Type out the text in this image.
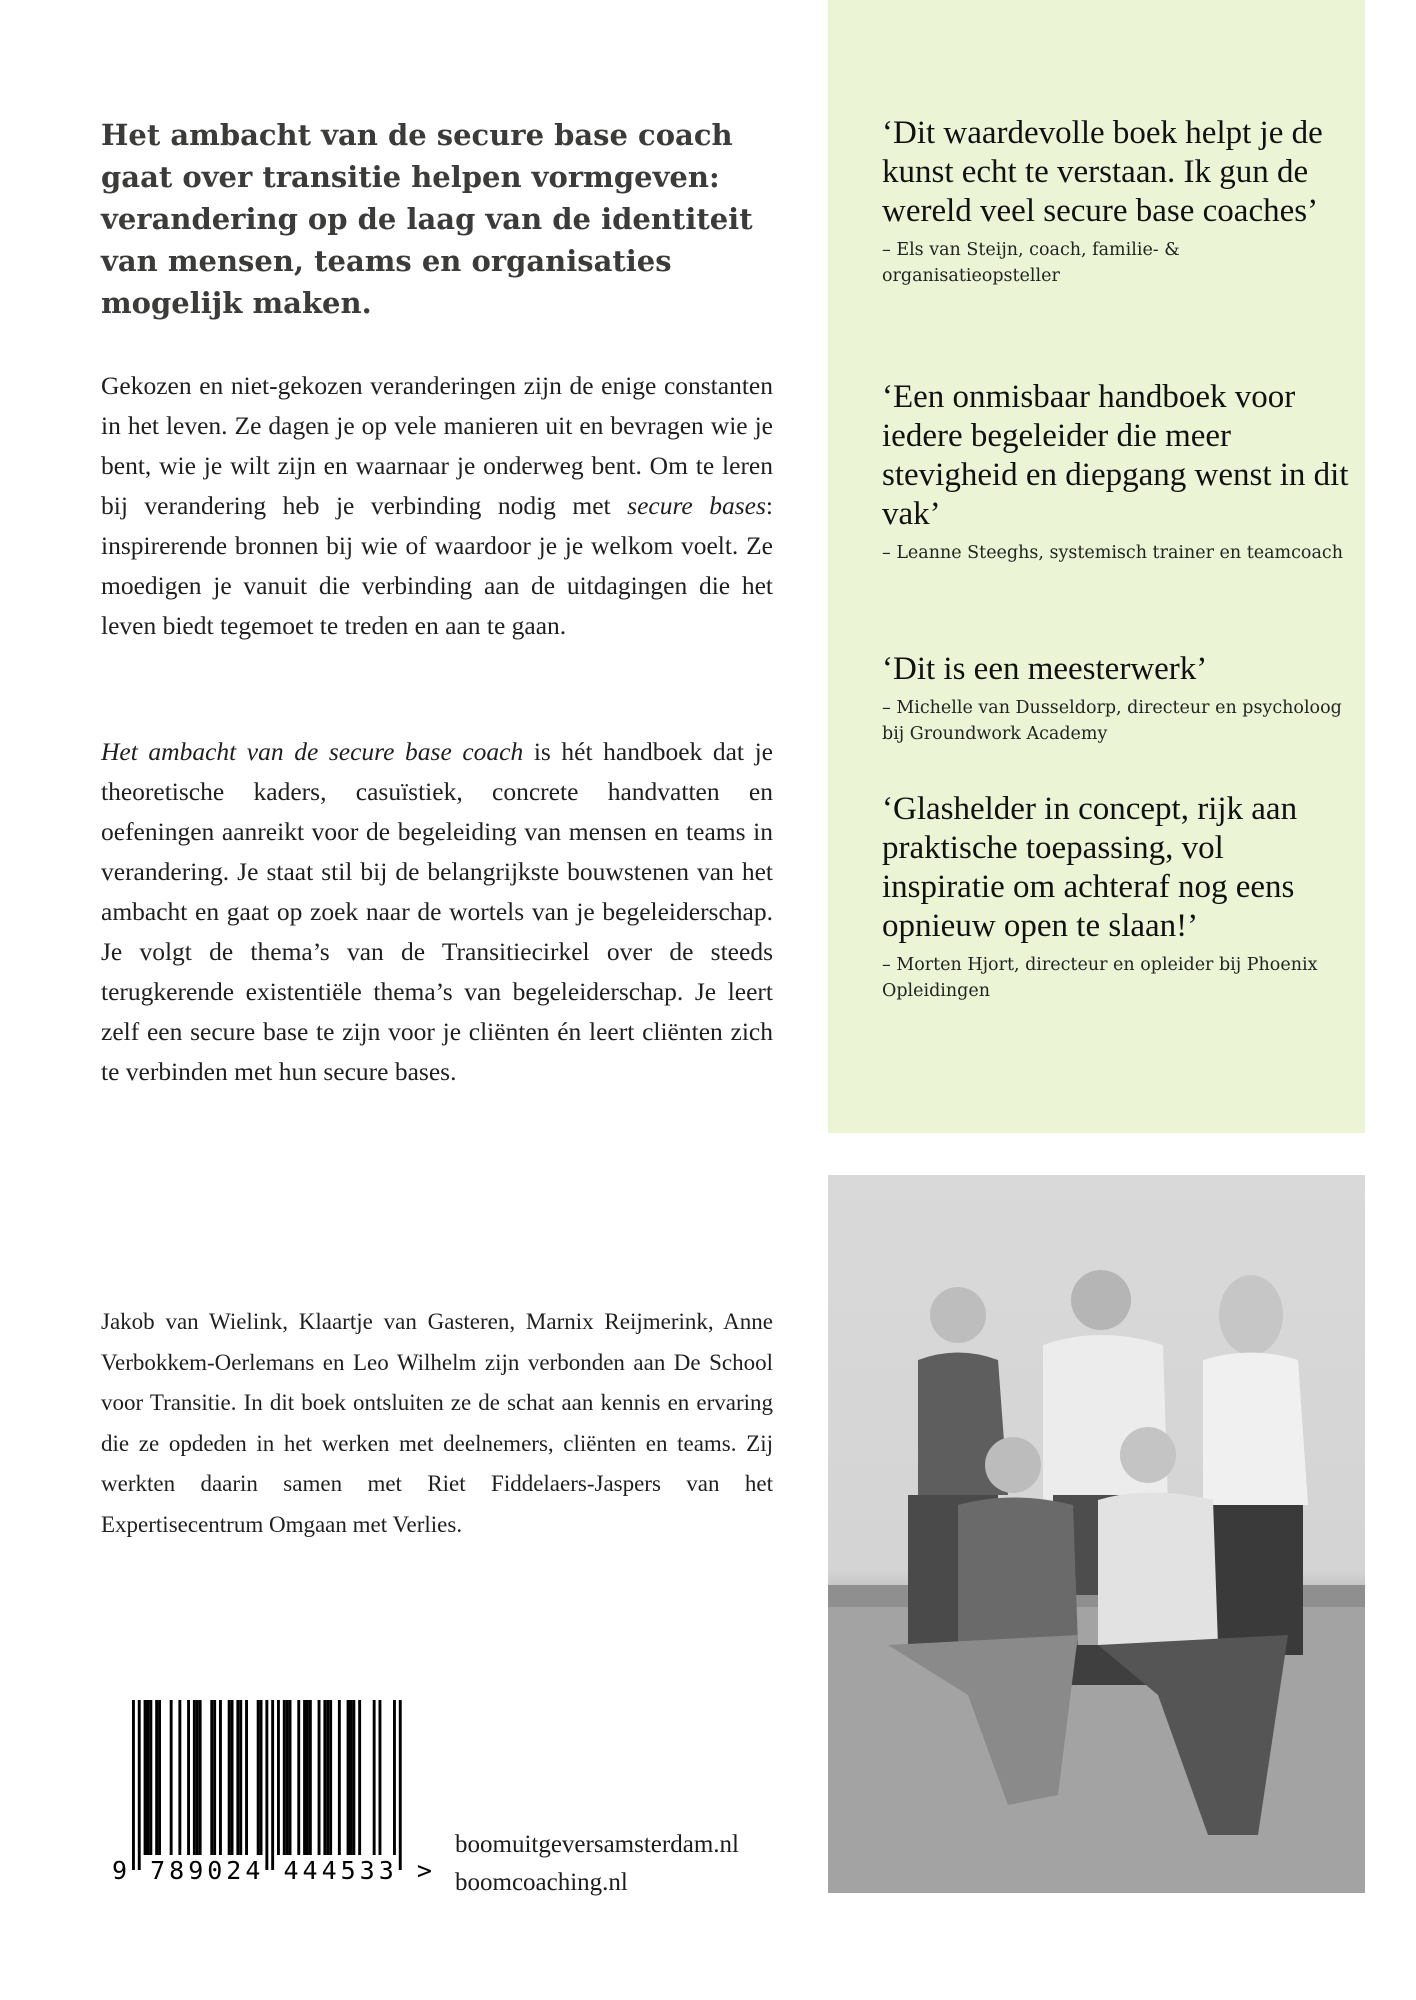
Het ambacht van de secure base coach gaat over transitie helpen vormgeven: verandering op de laag van de identiteit van mensen, teams en organisaties mogelijk maken.

Gekozen en niet-gekozen veranderingen zijn de enige constanten in het leven. Ze dagen je op vele manieren uit en bevragen wie je bent, wie je wilt zijn en waarnaar je onderweg bent. Om te leren bij verandering heb je verbinding nodig met secure bases: inspirerende bronnen bij wie of waardoor je je welkom voelt. Ze moedigen je vanuit die verbinding aan de uitdagingen die het leven biedt tegemoet te treden en aan te gaan.

Het ambacht van de secure base coach is hét handboek dat je theoretische kaders, casuïstiek, concrete handvatten en oefeningen aanreikt voor de begeleiding van mensen en teams in verandering. Je staat stil bij de belangrijkste bouwstenen van het ambacht en gaat op zoek naar de wortels van je begeleiderschap. Je volgt de thema’s van de Transitiecirkel over de steeds terugkerende existentiële thema’s van begeleiderschap. Je leert zelf een secure base te zijn voor je cliënten én leert cliënten zich te verbinden met hun secure bases.

‘Dit waardevolle boek helpt je de kunst echt te verstaan. Ik gun de wereld veel secure base coaches’

– Els van Steijn, coach, familie- & organisatieopsteller

‘Een onmisbaar handboek voor iedere begeleider die meer stevigheid en diepgang wenst in dit vak’

– Leanne Steeghs, systemisch trainer en teamcoach

‘Dit is een meesterwerk’

– Michelle van Dusseldorp, directeur en psycholoog bij Groundwork Academy

‘Glashelder in concept, rijk aan praktische toepassing, vol inspiratie om achteraf nog eens opnieuw open te slaan!’

– Morten Hjort, directeur en opleider bij Phoenix Opleidingen

Jakob van Wielink, Klaartje van Gasteren, Marnix Reijmerink, Anne Verbokkem-Oerlemans en Leo Wilhelm zijn verbonden aan De School voor Transitie. In dit boek ontsluiten ze de schat aan kennis en ervaring die ze opdeden in het werken met deelnemers, cliënten en teams. Zij werkten daarin samen met Riet Fiddelaers-Jaspers van het Expertisecentrum Omgaan met Verlies.

9 789024 444533 >
boomuitgeversamsterdam.nl
boomcoaching.nl
